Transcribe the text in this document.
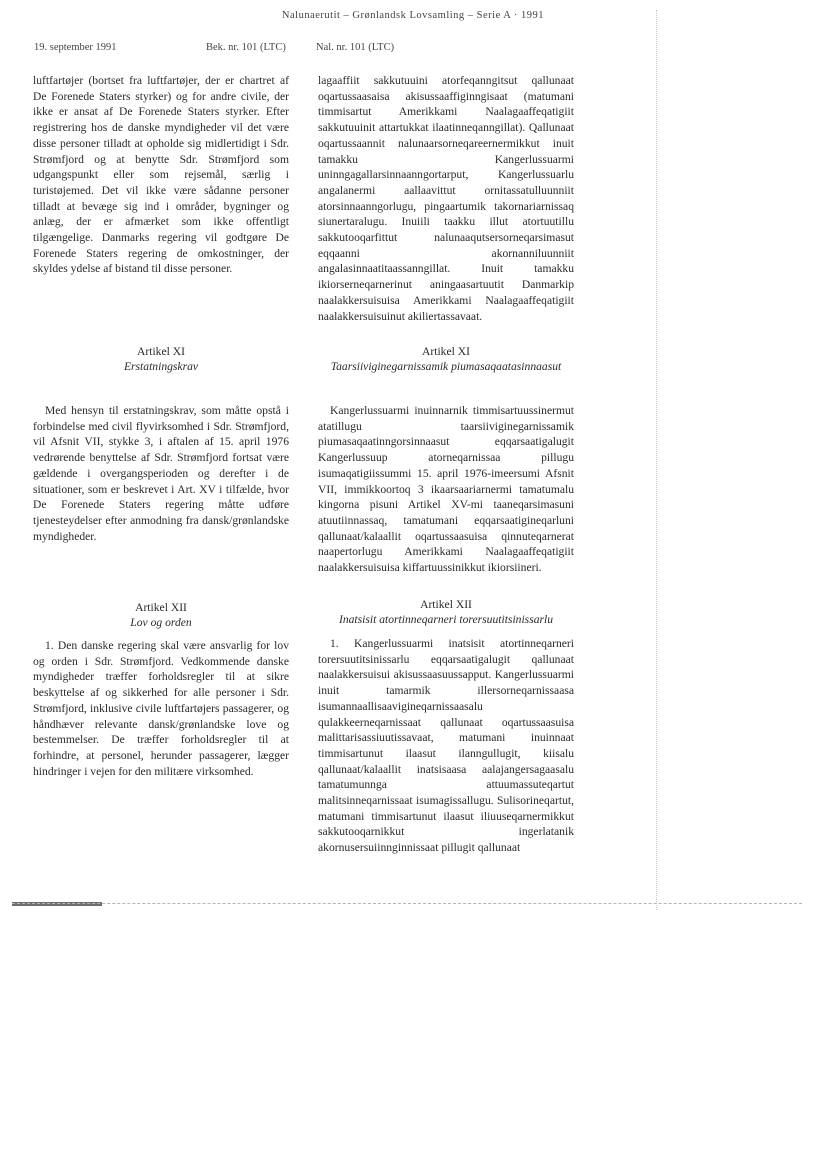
Nalunaerutit – Grønlandsk Lovsamling – Serie A · 1991
19. september 1991	Bek. nr. 101 (LTC)	Nal. nr. 101 (LTC)

luftfartøjer (bortset fra luftfartøjer, der er chartret af De Forenede Staters styrker) og for andre civile, der ikke er ansat af De Forenede Staters styrker. Efter registrering hos de danske myndigheder vil det være disse personer tilladt at opholde sig midlertidigt i Sdr. Strømfjord og at benytte Sdr. Strømfjord som udgangspunkt eller som rejsemål, særlig i turistøjemed. Det vil ikke være sådanne personer tilladt at bevæge sig ind i områder, bygninger og anlæg, der er afmærket som ikke offentligt tilgængelige. Danmarks regering vil godtgøre De Forenede Staters regering de omkostninger, der skyldes ydelse af bistand til disse personer.

Artikel XI
Erstatningskrav

Med hensyn til erstatningskrav, som måtte opstå i forbindelse med civil flyvirksomhed i Sdr. Strømfjord, vil Afsnit VII, stykke 3, i aftalen af 15. april 1976 vedrørende benyttelse af Sdr. Strømfjord fortsat være gældende i overgangsperioden og derefter i de situationer, som er beskrevet i Art. XV i tilfælde, hvor De Forenede Staters regering måtte udføre tjenesteydelser efter anmodning fra dansk/grønlandske myndigheder.

Artikel XII
Lov og orden

1. Den danske regering skal være ansvarlig for lov og orden i Sdr. Strømfjord. Vedkommende danske myndigheder træffer forholdsregler til at sikre beskyttelse af og sikkerhed for alle personer i Sdr. Strømfjord, inklusive civile luftfartøjers passagerer, og håndhæver relevante dansk/grønlandske love og bestemmelser. De træffer forholdsregler til at forhindre, at personel, herunder passagerer, lægger hindringer i vejen for den militære virksomhed.

lagaaffiit sakkutuuini atorfeqanngitsut qallunaat oqartussaasaisa akisussaaffiginngisaat (matumani timmisartut Amerikkami Naalagaaffeqatigiit sakkutuuinit attartukkat ilaatinneqanngillat). Qallunaat oqartussaannit nalunaarsorneqareernermikkut inuit tamakku Kangerlussuarmi uninngagallarsinnaanngortarput, Kangerlussuarlu angalanermi aallaavittut ornitassatulluunniit atorsinnaanngorlugu, pingaartumik takornariarnissaq siunertaralugu. Inuiili taakku illut atortuutillu sakkutooqarfittut nalunaaqutsersorneqarsimasut eqqaanni akornanniluunniit angalasinnaatitaassanngillat. Inuit tamakku ikiorserneqarnerinut aningaasartuutit Danmarkip naalakkersuisuisa Amerikkami Naalagaaffeqatigiit naalakkersuisuinut akiliertassavaat.

Artikel XI
Taarsiiviginegarnissamik piumasaqaatasinnaasut

Kangerlussuarmi inuinnarnik timmisartuussinermut atatillugu taarsiiviginegarnissamik piumasaqaatinngorsinnaasut eqqarsaatigalugit Kangerlussuup atorneqarnissaa pillugu isumaqatigiissummi 15. april 1976-imeersumi Afsnit VII, immikkoortoq 3 ikaarsaariarnermi tamatumalu kingorna pisuni Artikel XV-mi taaneqarsimasuni atuutiinnassaq, tamatumani eqqarsaatigineqarluni qallunaat/kalaallit oqartussaasuisa qinnuteqarnerat naapertorlugu Amerikkami Naalagaaffeqatigiit naalakkersuisuisa kiffartuussinikkut ikiorsiineri.

Artikel XII
Inatsisit atortinneqarneri torersuutitsinissarlu

1. Kangerlussuarmi inatsisit atortinneqarneri torersuutitsinissarlu eqqarsaatigalugit qallunaat naalakkersuisui akisussaasuussapput. Kangerlussuarmi inuit tamarmik illersorneqarnissaasa isumannaallisaavigineqarnissaasalu qulakkeerneqarnissaat qallunaat oqartussaasuisa malittarisassiuutissavaat, matumani inuinnaat timmisartunut ilaasut ilanngullugit, kiisalu qallunaat/kalaallit inatsisaasa aalajangersagaasalu tamatumunnga attuumassuteqartut malitsinneqarnissaat isumagissallugu. Sulisorineqartut, matumani timmisartunut ilaasut iliuuseqarnermikkut sakkutooqarnikkut ingerlatanik akornusersuiinnginnissaat pillugit qallunaat
